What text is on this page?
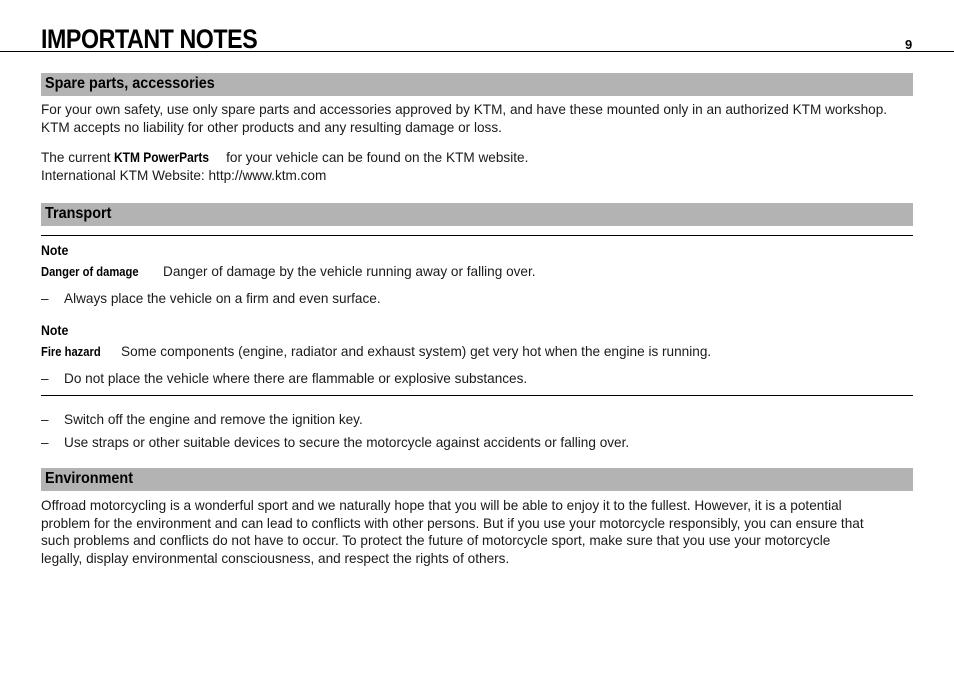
IMPORTANT NOTES	9
Spare parts, accessories
For your own safety, use only spare parts and accessories approved by KTM, and have these mounted only in an authorized KTM workshop.
KTM accepts no liability for other products and any resulting damage or loss.
The current KTM PowerParts for your vehicle can be found on the KTM website.
International KTM Website: http://www.ktm.com
Transport
Note
Danger of damage Danger of damage by the vehicle running away or falling over.
– Always place the vehicle on a firm and even surface.
Note
Fire hazard Some components (engine, radiator and exhaust system) get very hot when the engine is running.
– Do not place the vehicle where there are flammable or explosive substances.
– Switch off the engine and remove the ignition key.
– Use straps or other suitable devices to secure the motorcycle against accidents or falling over.
Environment
Offroad motorcycling is a wonderful sport and we naturally hope that you will be able to enjoy it to the fullest. However, it is a potential
problem for the environment and can lead to conflicts with other persons. But if you use your motorcycle responsibly, you can ensure that
such problems and conflicts do not have to occur. To protect the future of motorcycle sport, make sure that you use your motorcycle
legally, display environmental consciousness, and respect the rights of others.
